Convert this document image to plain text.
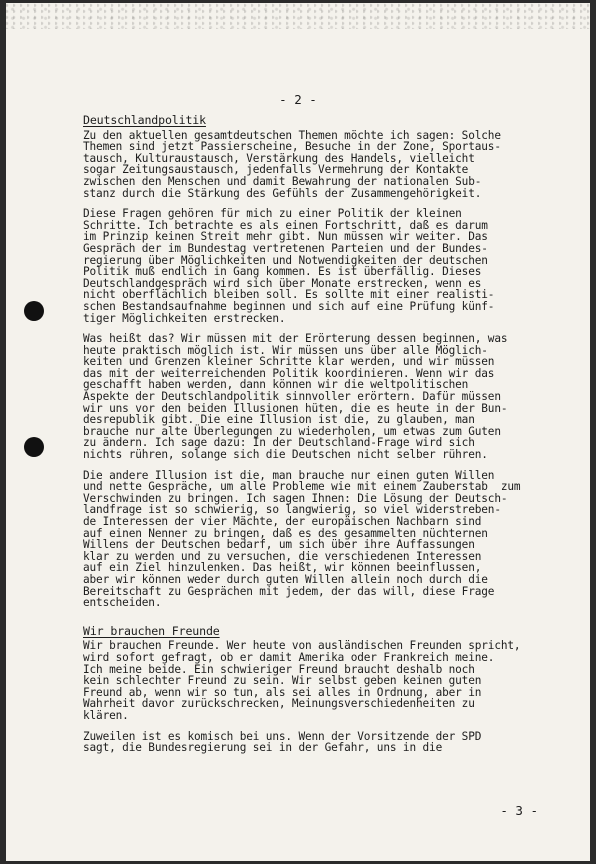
- 2 -
Deutschlandpolitik
Zu den aktuellen gesamtdeutschen Themen möchte ich sagen: Solche
Themen sind jetzt Passierscheine, Besuche in der Zone, Sportaus-
tausch, Kulturaustausch, Verstärkung des Handels, vielleicht
sogar Zeitungsaustausch, jedenfalls Vermehrung der Kontakte
zwischen den Menschen und damit Bewahrung der nationalen Sub-
stanz durch die Stärkung des Gefühls der Zusammengehörigkeit.
Diese Fragen gehören für mich zu einer Politik der kleinen
Schritte. Ich betrachte es als einen Fortschritt, daß es darum
im Prinzip keinen Streit mehr gibt. Nun müssen wir weiter. Das
Gespräch der im Bundestag vertretenen Parteien und der Bundes-
regierung über Möglichkeiten und Notwendigkeiten der deutschen
Politik muß endlich in Gang kommen. Es ist überfällig. Dieses
Deutschlandgespräch wird sich über Monate erstrecken, wenn es
nicht oberflächlich bleiben soll. Es sollte mit einer realisti-
schen Bestandsaufnahme beginnen und sich auf eine Prüfung künf-
tiger Möglichkeiten erstrecken.
Was heißt das? Wir müssen mit der Erörterung dessen beginnen, was
heute praktisch möglich ist. Wir müssen uns über alle Möglich-
keiten und Grenzen kleiner Schritte klar werden, und wir müssen
das mit der weiterreichenden Politik koordinieren. Wenn wir das
geschafft haben werden, dann können wir die weltpolitischen
Aspekte der Deutschlandpolitik sinnvoller erörtern. Dafür müssen
wir uns vor den beiden Illusionen hüten, die es heute in der Bun-
desrepublik gibt. Die eine Illusion ist die, zu glauben, man
brauche nur alte Überlegungen zu wiederholen, um etwas zum Guten
zu ändern. Ich sage dazu: In der Deutschland-Frage wird sich
nichts rühren, solange sich die Deutschen nicht selber rühren.
Die andere Illusion ist die, man brauche nur einen guten Willen
und nette Gespräche, um alle Probleme wie mit einem Zauberstab  zum
Verschwinden zu bringen. Ich sagen Ihnen: Die Lösung der Deutsch-
landfrage ist so schwierig, so langwierig, so viel widerstreben-
de Interessen der vier Mächte, der europäischen Nachbarn sind
auf einen Nenner zu bringen, daß es des gesammelten nüchternen
Willens der Deutschen bedarf, um sich über ihre Auffassungen
klar zu werden und zu versuchen, die verschiedenen Interessen
auf ein Ziel hinzulenken. Das heißt, wir können beeinflussen,
aber wir können weder durch guten Willen allein noch durch die
Bereitschaft zu Gesprächen mit jedem, der das will, diese Frage
entscheiden.
Wir brauchen Freunde
Wir brauchen Freunde. Wer heute von ausländischen Freunden spricht,
wird sofort gefragt, ob er damit Amerika oder Frankreich meine.
Ich meine beide. Ein schwieriger Freund braucht deshalb noch
kein schlechter Freund zu sein. Wir selbst geben keinen guten
Freund ab, wenn wir so tun, als sei alles in Ordnung, aber in
Wahrheit davor zurückschrecken, Meinungsverschiedenheiten zu
klären.
Zuweilen ist es komisch bei uns. Wenn der Vorsitzende der SPD
sagt, die Bundesregierung sei in der Gefahr, uns in die
- 3 -
